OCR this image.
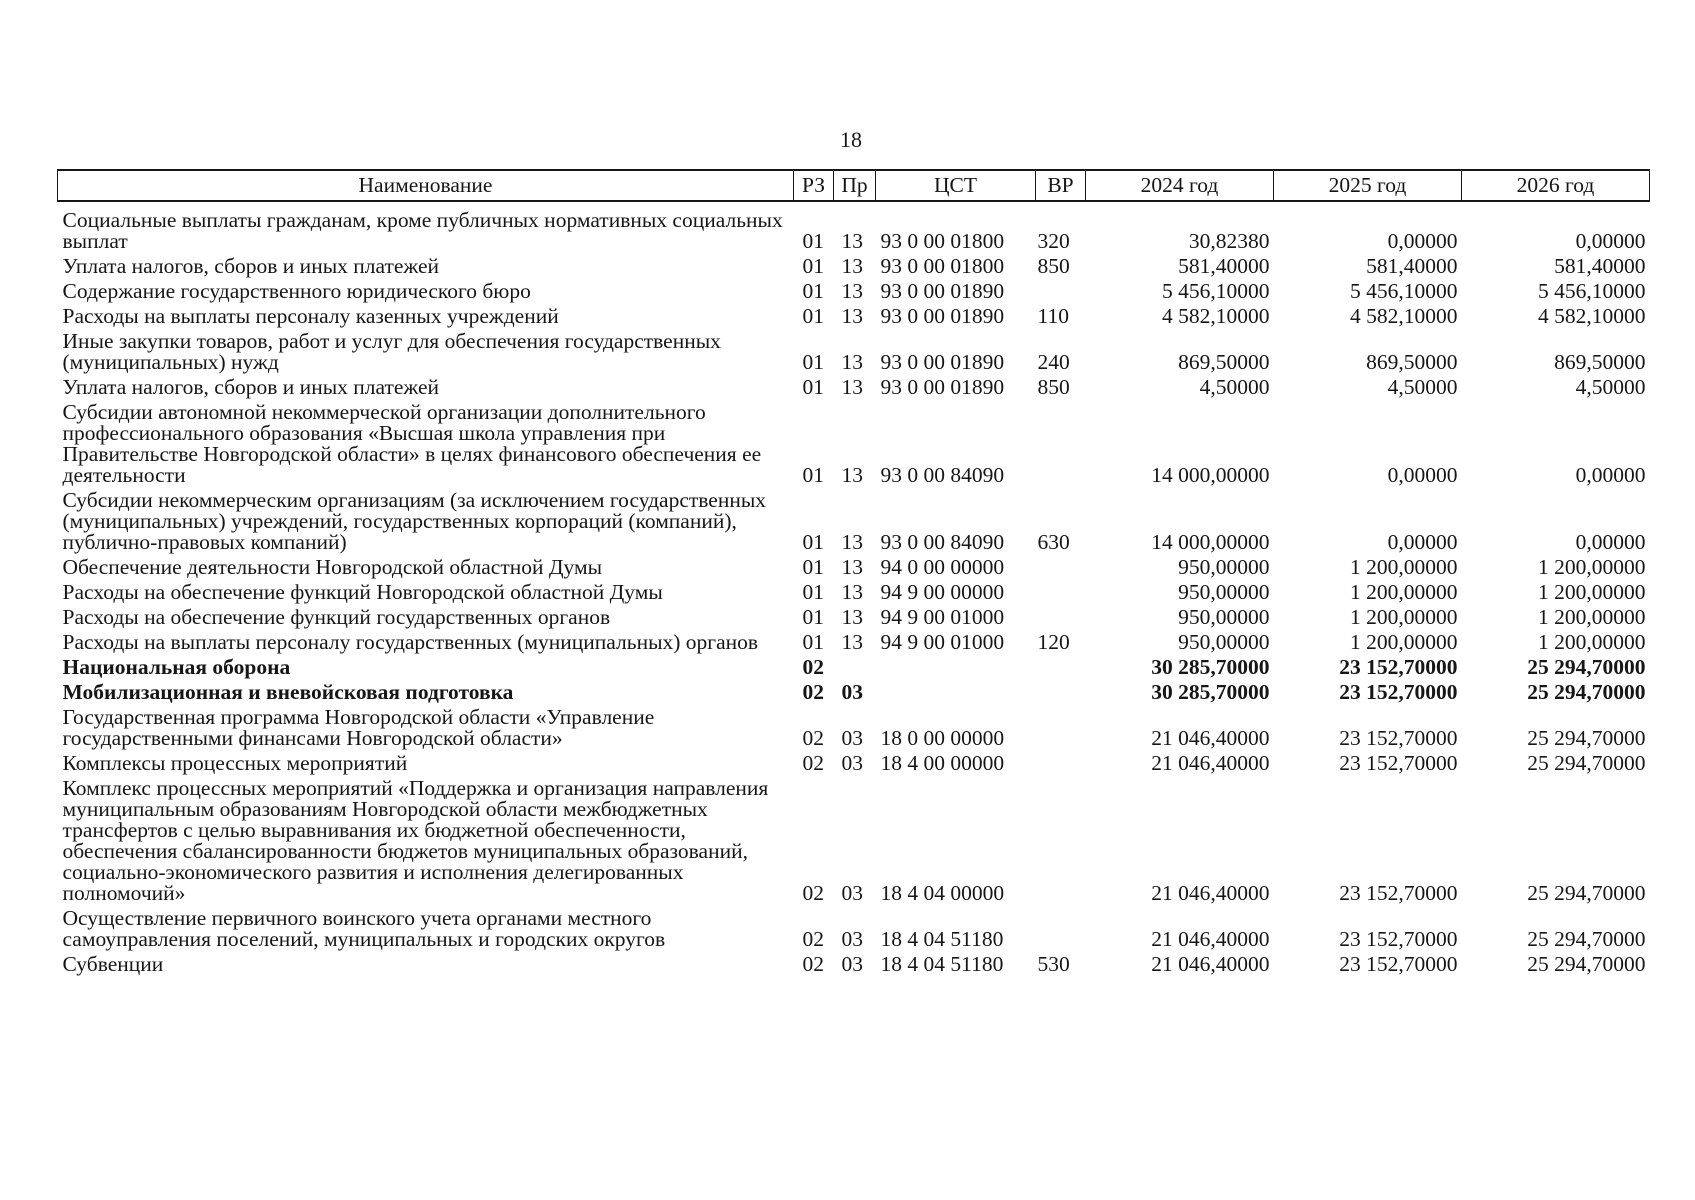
18
Наименование	РЗ	Пр	ЦСТ	ВР	2024 год	2025 год	2026 год
Социальные выплаты гражданам, кроме публичных нормативных социальных выплат	01	13	93 0 00 01800	320	30,82380	0,00000	0,00000
Уплата налогов, сборов и иных платежей	01	13	93 0 00 01800	850	581,40000	581,40000	581,40000
Содержание государственного юридического бюро	01	13	93 0 00 01890		5 456,10000	5 456,10000	5 456,10000
Расходы на выплаты персоналу казенных учреждений	01	13	93 0 00 01890	110	4 582,10000	4 582,10000	4 582,10000
Иные закупки товаров, работ и услуг для обеспечения государственных (муниципальных) нужд	01	13	93 0 00 01890	240	869,50000	869,50000	869,50000
Уплата налогов, сборов и иных платежей	01	13	93 0 00 01890	850	4,50000	4,50000	4,50000
Субсидии автономной некоммерческой организации дополнительного профессионального образования «Высшая школа управления при Правительстве Новгородской области» в целях финансового обеспечения ее деятельности	01	13	93 0 00 84090		14 000,00000	0,00000	0,00000
Субсидии некоммерческим организациям (за исключением государственных (муниципальных) учреждений, государственных корпораций (компаний), публично-правовых компаний)	01	13	93 0 00 84090	630	14 000,00000	0,00000	0,00000
Обеспечение деятельности Новгородской областной Думы	01	13	94 0 00 00000		950,00000	1 200,00000	1 200,00000
Расходы на обеспечение функций Новгородской областной Думы	01	13	94 9 00 00000		950,00000	1 200,00000	1 200,00000
Расходы на обеспечение функций государственных органов	01	13	94 9 00 01000		950,00000	1 200,00000	1 200,00000
Расходы на выплаты персоналу государственных (муниципальных) органов	01	13	94 9 00 01000	120	950,00000	1 200,00000	1 200,00000
Национальная оборона	02				30 285,70000	23 152,70000	25 294,70000
Мобилизационная и вневойсковая подготовка	02	03			30 285,70000	23 152,70000	25 294,70000
Государственная программа Новгородской области «Управление государственными финансами Новгородской области»	02	03	18 0 00 00000		21 046,40000	23 152,70000	25 294,70000
Комплексы процессных мероприятий	02	03	18 4 00 00000		21 046,40000	23 152,70000	25 294,70000
Комплекс процессных мероприятий «Поддержка и организация направления муниципальным образованиям Новгородской области межбюджетных трансфертов с целью выравнивания их бюджетной обеспеченности, обеспечения сбалансированности бюджетов муниципальных образований, социально-экономического развития и исполнения делегированных полномочий»	02	03	18 4 04 00000		21 046,40000	23 152,70000	25 294,70000
Осуществление первичного воинского учета органами местного самоуправления поселений, муниципальных и городских округов	02	03	18 4 04 51180		21 046,40000	23 152,70000	25 294,70000
Субвенции	02	03	18 4 04 51180	530	21 046,40000	23 152,70000	25 294,70000
